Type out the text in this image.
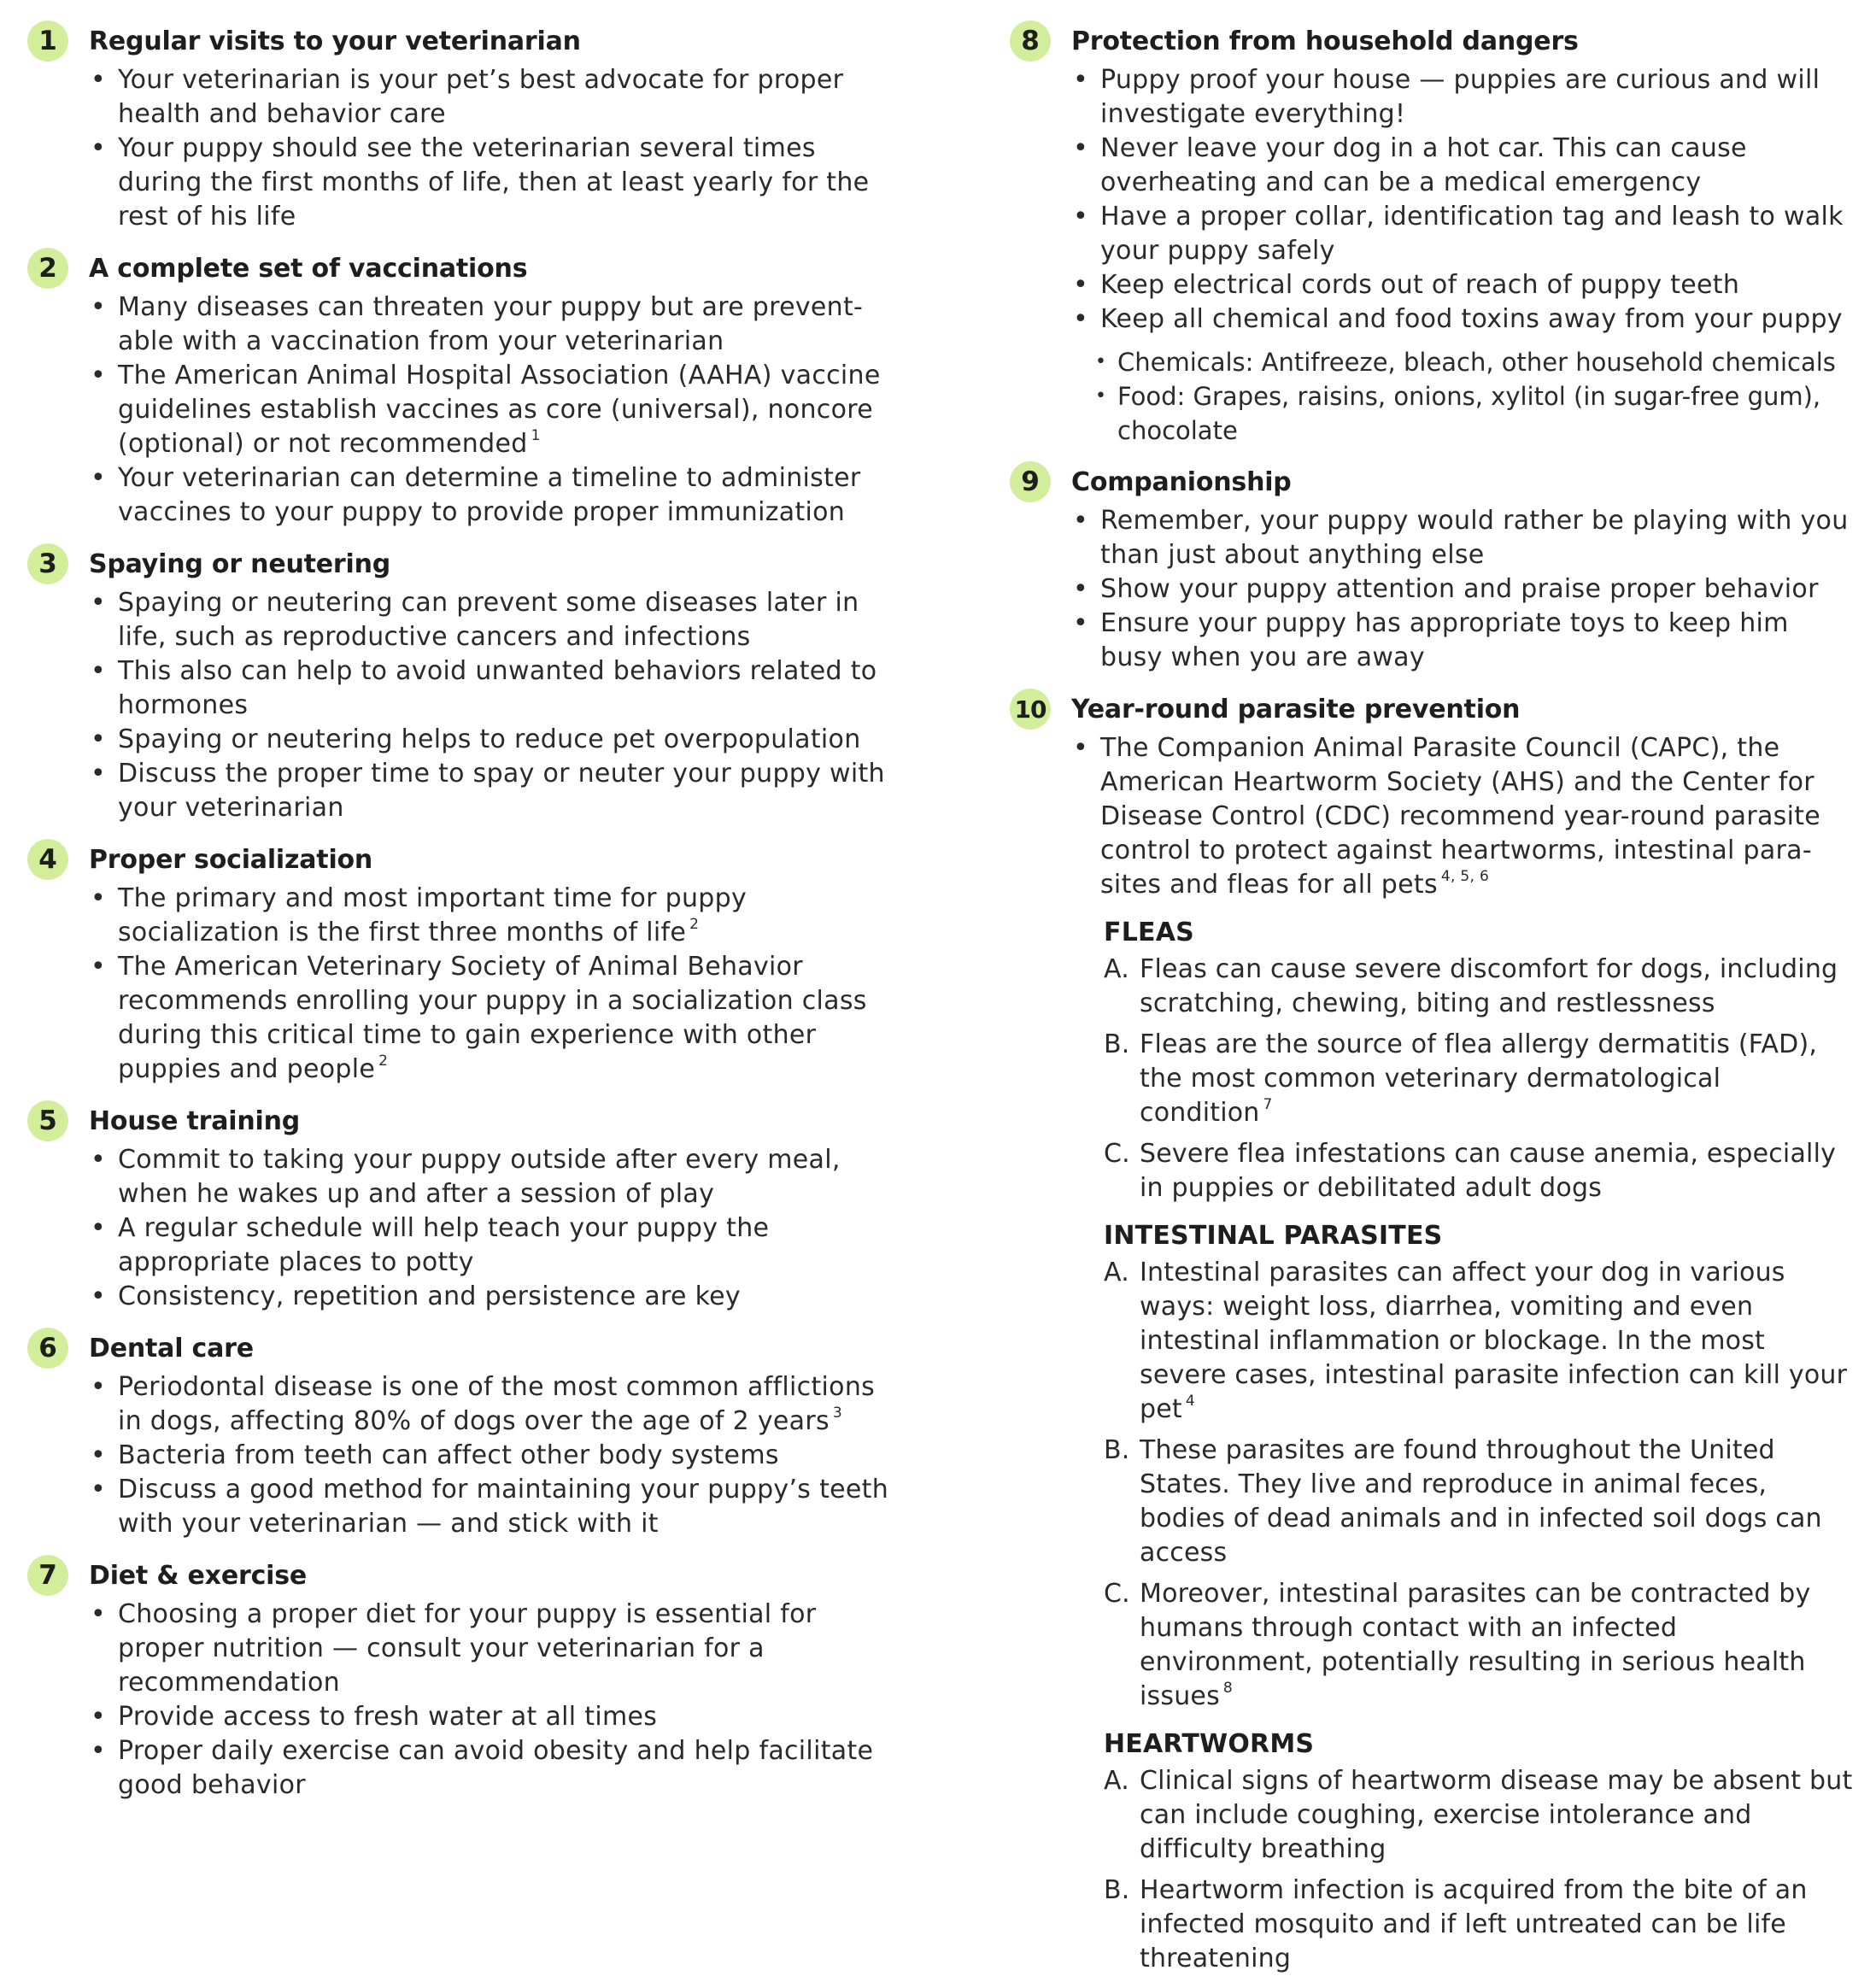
1	Regular visits to your veterinarian
• Your veterinarian is your pet’s best advocate for proper health and behavior care
• Your puppy should see the veterinarian several times during the first months of life, then at least yearly for the rest of his life
2	A complete set of vaccinations
• Many diseases can threaten your puppy but are prevent-able with a vaccination from your veterinarian
• The American Animal Hospital Association (AAHA) vaccine guidelines establish vaccines as core (universal), noncore (optional) or not recommended $^1$
• Your veterinarian can determine a timeline to administer vaccines to your puppy to provide proper immunization
3	Spaying or neutering
• Spaying or neutering can prevent some diseases later in life, such as reproductive cancers and infections
• This also can help to avoid unwanted behaviors related to hormones
• Spaying or neutering helps to reduce pet overpopulation
• Discuss the proper time to spay or neuter your puppy with your veterinarian
4	Proper socialization
• The primary and most important time for puppy socialization is the first three months of life $^2$
• The American Veterinary Society of Animal Behavior recommends enrolling your puppy in a socialization class during this critical time to gain experience with other puppies and people $^2$
5	House training
• Commit to taking your puppy outside after every meal, when he wakes up and after a session of play
• A regular schedule will help teach your puppy the appropriate places to potty
• Consistency, repetition and persistence are key
6	Dental care
• Periodontal disease is one of the most common afflictions in dogs, affecting 80% of dogs over the age of 2 years $^3$
• Bacteria from teeth can affect other body systems
• Discuss a good method for maintaining your puppy’s teeth with your veterinarian — and stick with it
7	Diet & exercise
• Choosing a proper diet for your puppy is essential for proper nutrition — consult your veterinarian for a recommendation
• Provide access to fresh water at all times
• Proper daily exercise can avoid obesity and help facilitate good behavior
8	Protection from household dangers
• Puppy proof your house — puppies are curious and will investigate everything!
• Never leave your dog in a hot car. This can cause overheating and can be a medical emergency
• Have a proper collar, identification tag and leash to walk your puppy safely
• Keep electrical cords out of reach of puppy teeth
• Keep all chemical and food toxins away from your puppy
• Chemicals: Antifreeze, bleach, other household chemicals
• Food: Grapes, raisins, onions, xylitol (in sugar-free gum), chocolate
9	Companionship
• Remember, your puppy would rather be playing with you than just about anything else
• Show your puppy attention and praise proper behavior
• Ensure your puppy has appropriate toys to keep him busy when you are away
10 Year-round parasite prevention
• The Companion Animal Parasite Council (CAPC), the American Heartworm Society (AHS) and the Center for Disease Control (CDC) recommend year-round parasite control to protect against heartworms, intestinal para-sites and fleas for all pets $^{4, 5, 6}$
FLEAS
A. Fleas can cause severe discomfort for dogs, including scratching, chewing, biting and restlessness
B. Fleas are the source of flea allergy dermatitis (FAD), the most common veterinary dermatological condition $^7$
C. Severe flea infestations can cause anemia, especially in puppies or debilitated adult dogs
INTESTINAL PARASITES
A. Intestinal parasites can affect your dog in various ways: weight loss, diarrhea, vomiting and even intestinal inflammation or blockage. In the most severe cases, intestinal parasite infection can kill your pet $^4$
B. These parasites are found throughout the United States. They live and reproduce in animal feces, bodies of dead animals and in infected soil dogs can access
C. Moreover, intestinal parasites can be contracted by humans through contact with an infected environment, potentially resulting in serious health issues $^8$
HEARTWORMS
A. Clinical signs of heartworm disease may be absent but can include coughing, exercise intolerance and difficulty breathing
B. Heartworm infection is acquired from the bite of an infected mosquito and if left untreated can be life threatening
